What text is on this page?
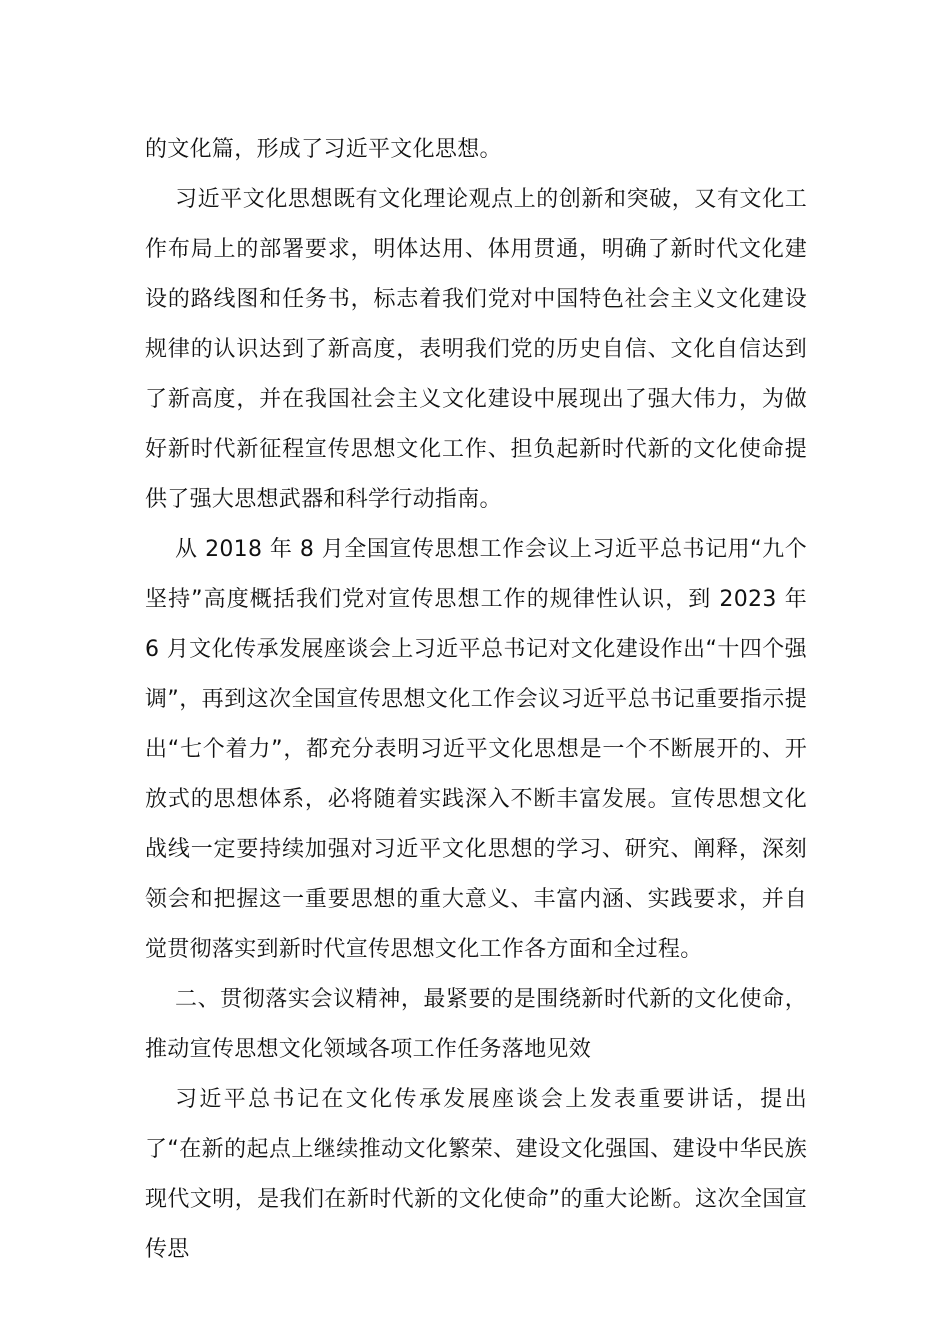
的文化篇，形成了习近平文化思想。

习近平文化思想既有文化理论观点上的创新和突破，又有文化工作布局上的部署要求，明体达用、体用贯通，明确了新时代文化建设的路线图和任务书，标志着我们党对中国特色社会主义文化建设规律的认识达到了新高度，表明我们党的历史自信、文化自信达到了新高度，并在我国社会主义文化建设中展现出了强大伟力，为做好新时代新征程宣传思想文化工作、担负起新时代新的文化使命提供了强大思想武器和科学行动指南。

从 2018 年 8 月全国宣传思想工作会议上习近平总书记用“九个坚持”高度概括我们党对宣传思想工作的规律性认识，到 2023 年 6 月文化传承发展座谈会上习近平总书记对文化建设作出“十四个强调”，再到这次全国宣传思想文化工作会议习近平总书记重要指示提出“七个着力”，都充分表明习近平文化思想是一个不断展开的、开放式的思想体系，必将随着实践深入不断丰富发展。宣传思想文化战线一定要持续加强对习近平文化思想的学习、研究、阐释，深刻领会和把握这一重要思想的重大意义、丰富内涵、实践要求，并自觉贯彻落实到新时代宣传思想文化工作各方面和全过程。

二、贯彻落实会议精神，最紧要的是围绕新时代新的文化使命，推动宣传思想文化领域各项工作任务落地见效

习近平总书记在文化传承发展座谈会上发表重要讲话，提出了“在新的起点上继续推动文化繁荣、建设文化强国、建设中华民族现代文明，是我们在新时代新的文化使命”的重大论断。这次全国宣传思
